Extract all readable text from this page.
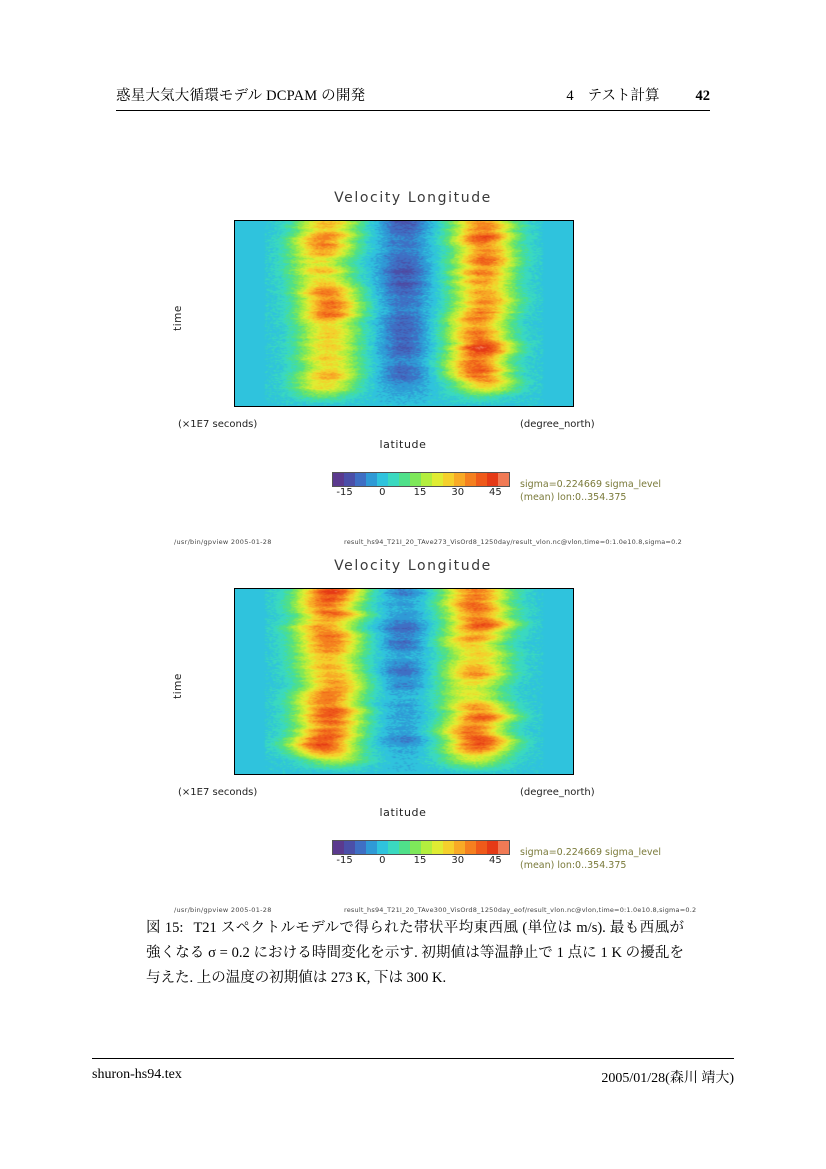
惑星大気大循環モデル DCPAM の開発	4 テスト計算 42
Velocity Longitude
time
(×1E7 seconds)	(degree_north)
latitude
-15	0	15 30 45
sigma=0.224669 sigma_level
(mean) lon:0..354.375
/usr/bin/gpview 2005-01-28	result_hs94_T21I_20_TAve273_VisOrd8_1250day/result_vlon.nc@vlon,time=0:1.0e10.8,sigma=0.2
Velocity Longitude
time
(×1E7 seconds)	(degree_north)
latitude
-15	0	15 30 45
sigma=0.224669 sigma_level
(mean) lon:0..354.375
/usr/bin/gpview 2005-01-28	result_hs94_T21I_20_TAve300_VisOrd8_1250day_eof/result_vlon.nc@vlon,time=0:1.0e10.8,sigma=0.2
図 15: T21 スペクトルモデルで得られた帯状平均東西風 (単位は m/s). 最も西風が強くなる σ = 0.2 における時間変化を示す. 初期値は等温静止で 1 点に 1 K の擾乱を与えた. 上の温度の初期値は 273 K, 下は 300 K.
shuron-hs94.tex	2005/01/28(森川 靖大)
